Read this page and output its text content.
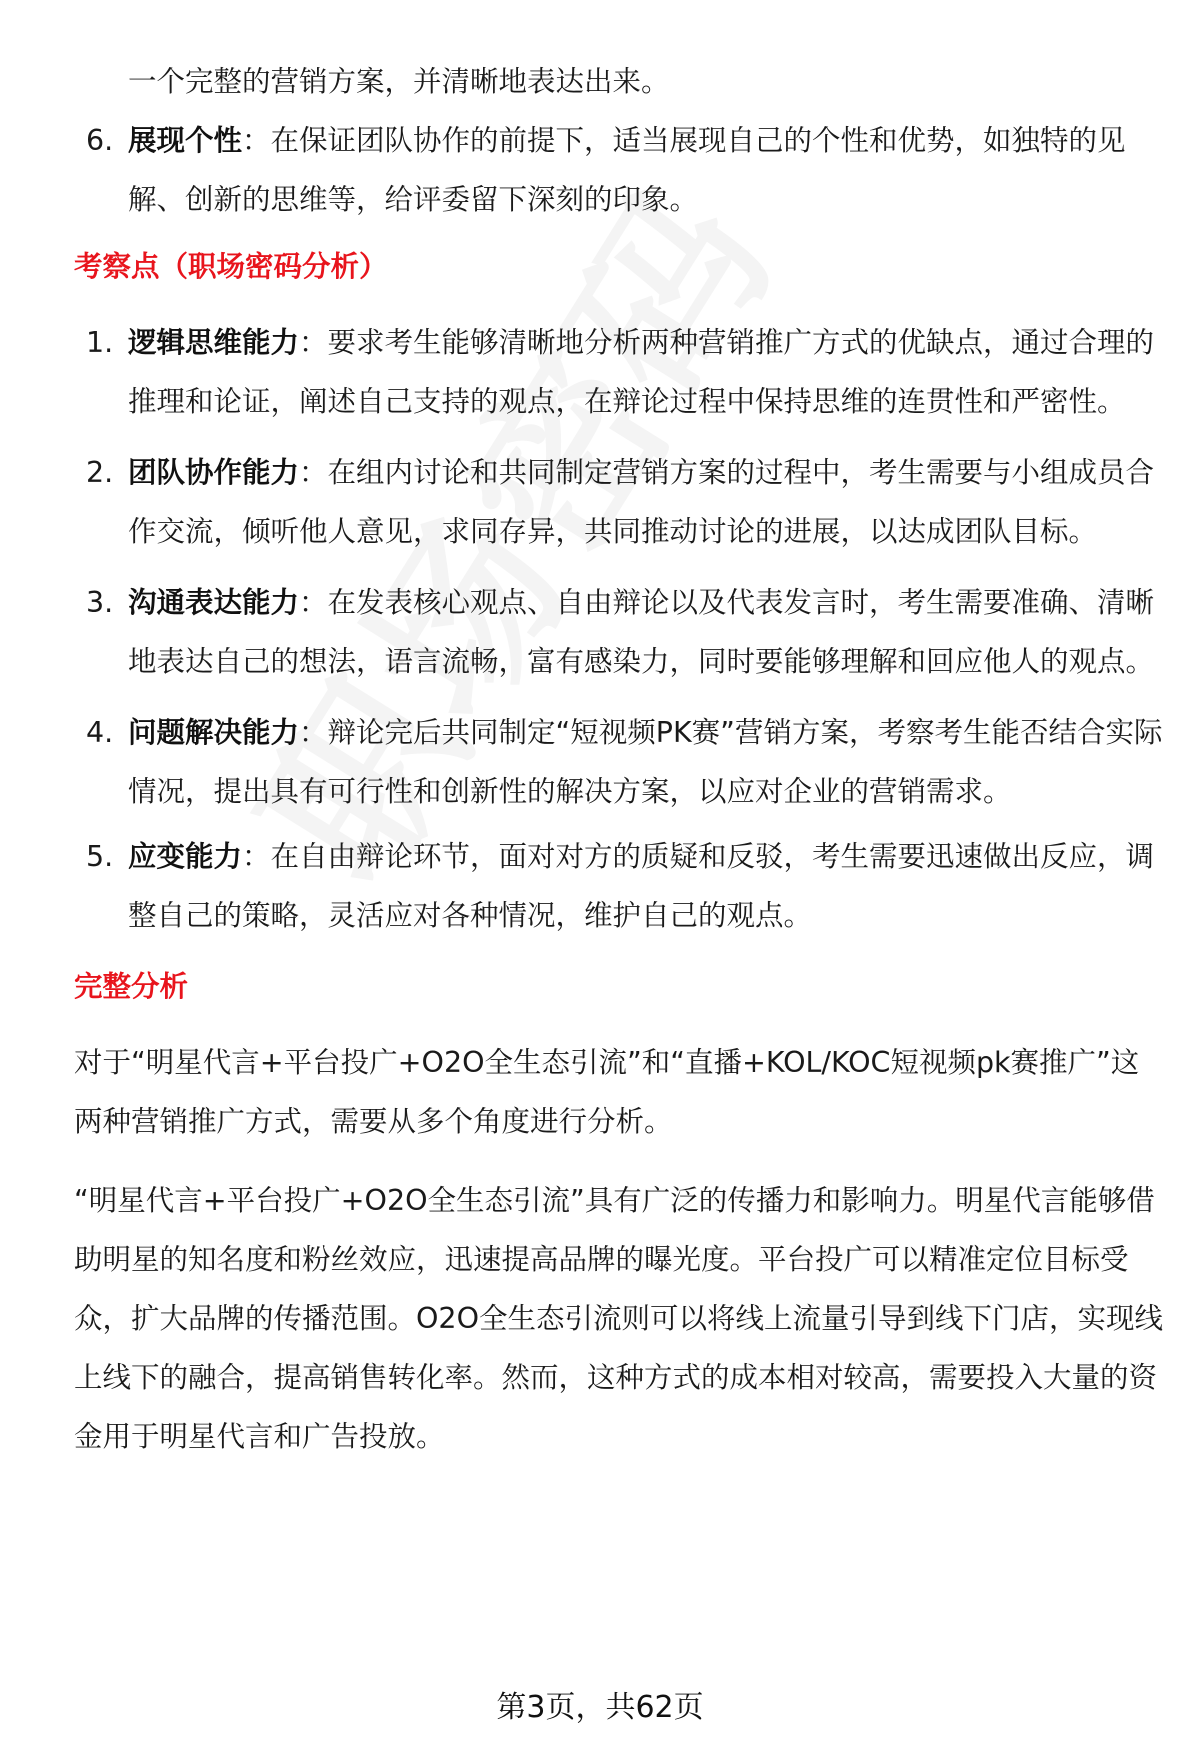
一个完整的营销方案，并清晰地表达出来。
6. 展现个性：在保证团队协作的前提下，适当展现自己的个性和优势，如独特的见解、创新的思维等，给评委留下深刻的印象。
考察点（职场密码分析）
1. 逻辑思维能力：要求考生能够清晰地分析两种营销推广方式的优缺点，通过合理的推理和论证，阐述自己支持的观点，在辩论过程中保持思维的连贯性和严密性。
2. 团队协作能力：在组内讨论和共同制定营销方案的过程中，考生需要与小组成员合作交流，倾听他人意见，求同存异，共同推动讨论的进展，以达成团队目标。
3. 沟通表达能力：在发表核心观点、自由辩论以及代表发言时，考生需要准确、清晰地表达自己的想法，语言流畅，富有感染力，同时要能够理解和回应他人的观点。
4. 问题解决能力：辩论完后共同制定“短视频PK赛”营销方案，考察考生能否结合实际情况，提出具有可行性和创新性的解决方案，以应对企业的营销需求。
5. 应变能力：在自由辩论环节，面对对方的质疑和反驳，考生需要迅速做出反应，调整自己的策略，灵活应对各种情况，维护自己的观点。
完整分析

对于“明星代言+平台投广+O2O全生态引流”和“直播+KOL/KOC短视频pk赛推广”这两种营销推广方式，需要从多个角度进行分析。

“明星代言+平台投广+O2O全生态引流”具有广泛的传播力和影响力。明星代言能够借助明星的知名度和粉丝效应，迅速提高品牌的曝光度。平台投广可以精准定位目标受众，扩大品牌的传播范围。O2O全生态引流则可以将线上流量引导到线下门店，实现线上线下的融合，提高销售转化率。然而，这种方式的成本相对较高，需要投入大量的资金用于明星代言和广告投放。

第3页，共62页
